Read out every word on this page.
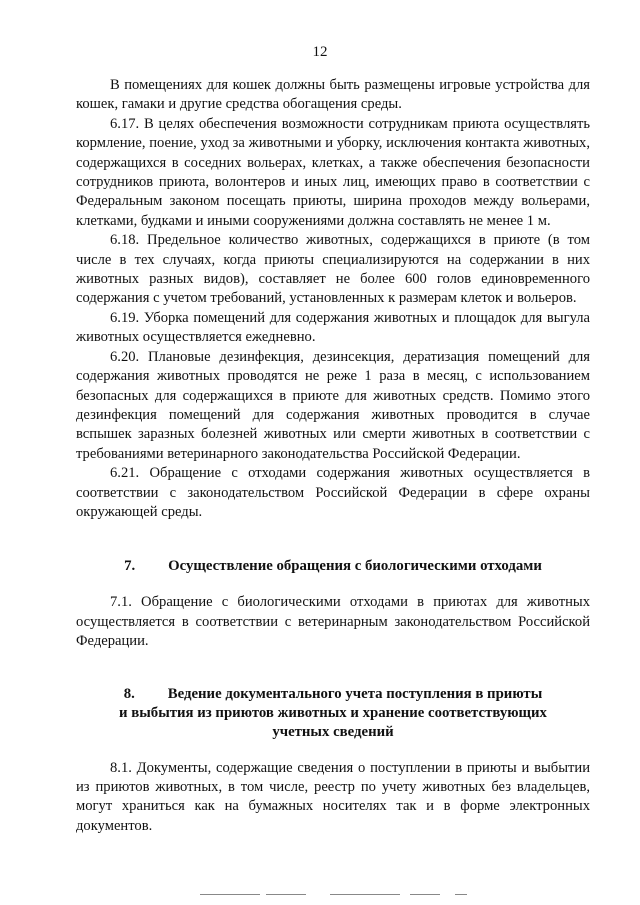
12

В помещениях для кошек должны быть размещены игровые устройства для кошек, гамаки и другие средства обогащения среды.

6.17. В целях обеспечения возможности сотрудникам приюта осуществлять кормление, поение, уход за животными и уборку, исключения контакта животных, содержащихся в соседних вольерах, клетках, а также обеспечения безопасности сотрудников приюта, волонтеров и иных лиц, имеющих право в соответствии с Федеральным законом посещать приюты, ширина проходов между вольерами, клетками, будками и иными сооружениями должна составлять не менее 1 м.

6.18. Предельное количество животных, содержащихся в приюте (в том числе в тех случаях, когда приюты специализируются на содержании в них животных разных видов), составляет не более 600 голов единовременного содержания с учетом требований, установленных к размерам клеток и вольеров.

6.19. Уборка помещений для содержания животных и площадок для выгула животных осуществляется ежедневно.

6.20. Плановые дезинфекция, дезинсекция, дератизация помещений для содержания животных проводятся не реже 1 раза в месяц, с использованием безопасных для содержащихся в приюте для животных средств. Помимо этого дезинфекция помещений для содержания животных проводится в случае вспышек заразных болезней животных или смерти животных в соответствии с требованиями ветеринарного законодательства Российской Федерации.

6.21. Обращение с отходами содержания животных осуществляется в соответствии с законодательством Российской Федерации в сфере охраны окружающей среды.

7. Осуществление обращения с биологическими отходами

7.1. Обращение с биологическими отходами в приютах для животных осуществляется в соответствии с ветеринарным законодательством Российской Федерации.

8. Ведение документального учета поступления в приюты
и выбытия из приютов животных и хранение соответствующих
учетных сведений

8.1. Документы, содержащие сведения о поступлении в приюты и выбытии из приютов животных, в том числе, реестр по учету животных без владельцев, могут храниться как на бумажных носителях так и в форме электронных документов.
